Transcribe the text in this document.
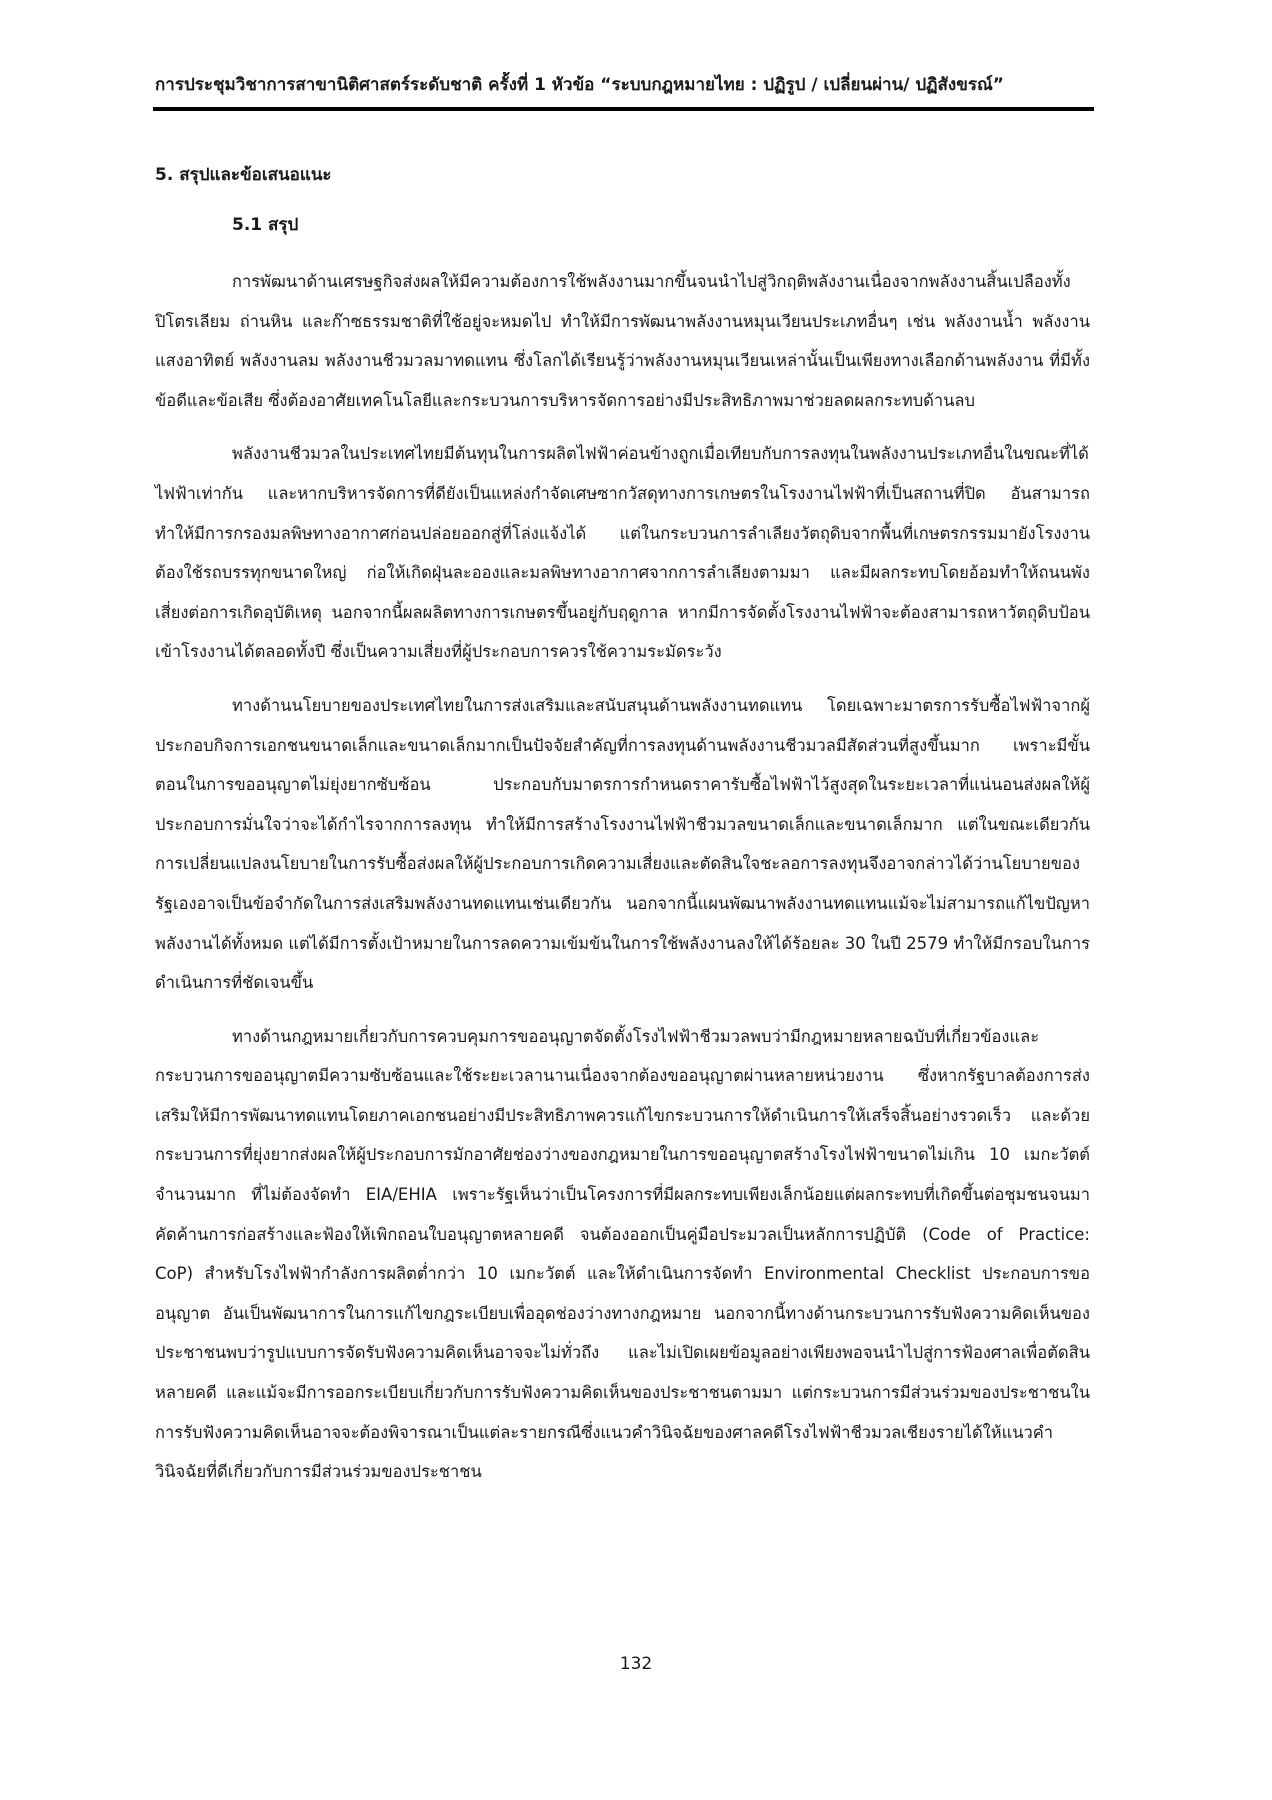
การประชุมวิชาการสาขานิติศาสตร์ระดับชาติ ครั้งที่ 1 หัวข้อ “ระบบกฎหมายไทย : ปฏิรูป / เปลี่ยนผ่าน/ ปฏิสังขรณ์”
5. สรุปและข้อเสนอแนะ
5.1 สรุป

การพัฒนาด้านเศรษฐกิจส่งผลให้มีความต้องการใช้พลังงานมากขึ้นจนนำไปสู่วิกฤติพลังงานเนื่องจากพลังงานสิ้นเปลืองทั้งปิโตรเลียม ถ่านหิน และก๊าซธรรมชาติที่ใช้อยู่จะหมดไป ทำให้มีการพัฒนาพลังงานหมุนเวียนประเภทอื่นๆ เช่น พลังงานน้ำ พลังงานแสงอาทิตย์ พลังงานลม พลังงานชีวมวลมาทดแทน ซึ่งโลกได้เรียนรู้ว่าพลังงานหมุนเวียนเหล่านั้นเป็นเพียงทางเลือกด้านพลังงาน ที่มีทั้งข้อดีและข้อเสีย ซึ่งต้องอาศัยเทคโนโลยีและกระบวนการบริหารจัดการอย่างมีประสิทธิภาพมาช่วยลดผลกระทบด้านลบ

พลังงานชีวมวลในประเทศไทยมีต้นทุนในการผลิตไฟฟ้าค่อนข้างถูกเมื่อเทียบกับการลงทุนในพลังงานประเภทอื่นในขณะที่ได้ไฟฟ้าเท่ากัน และหากบริหารจัดการที่ดียังเป็นแหล่งกำจัดเศษซากวัสดุทางการเกษตรในโรงงานไฟฟ้าที่เป็นสถานที่ปิด อันสามารถทำให้มีการกรองมลพิษทางอากาศก่อนปล่อยออกสู่ที่โล่งแจ้งได้ แต่ในกระบวนการลำเลียงวัตถุดิบจากพื้นที่เกษตรกรรมมายังโรงงานต้องใช้รถบรรทุกขนาดใหญ่ ก่อให้เกิดฝุ่นละอองและมลพิษทางอากาศจากการลำเลียงตามมา และมีผลกระทบโดยอ้อมทำให้ถนนพัง เสี่ยงต่อการเกิดอุบัติเหตุ นอกจากนี้ผลผลิตทางการเกษตรขึ้นอยู่กับฤดูกาล หากมีการจัดตั้งโรงงานไฟฟ้าจะต้องสามารถหาวัตถุดิบป้อนเข้าโรงงานได้ตลอดทั้งปี ซึ่งเป็นความเสี่ยงที่ผู้ประกอบการควรใช้ความระมัดระวัง

ทางด้านนโยบายของประเทศไทยในการส่งเสริมและสนับสนุนด้านพลังงานทดแทน โดยเฉพาะมาตรการรับซื้อไฟฟ้าจากผู้ประกอบกิจการเอกชนขนาดเล็กและขนาดเล็กมากเป็นปัจจัยสำคัญที่การลงทุนด้านพลังงานชีวมวลมีสัดส่วนที่สูงขึ้นมาก เพราะมีขั้นตอนในการขออนุญาตไม่ยุ่งยากซับซ้อน ประกอบกับมาตรการกำหนดราคารับซื้อไฟฟ้าไว้สูงสุดในระยะเวลาที่แน่นอนส่งผลให้ผู้ประกอบการมั่นใจว่าจะได้กำไรจากการลงทุน ทำให้มีการสร้างโรงงานไฟฟ้าชีวมวลขนาดเล็กและขนาดเล็กมาก แต่ในขณะเดียวกันการเปลี่ยนแปลงนโยบายในการรับซื้อส่งผลให้ผู้ประกอบการเกิดความเสี่ยงและตัดสินใจชะลอการลงทุนจึงอาจกล่าวได้ว่านโยบายของรัฐเองอาจเป็นข้อจำกัดในการส่งเสริมพลังงานทดแทนเช่นเดียวกัน นอกจากนี้แผนพัฒนาพลังงานทดแทนแม้จะไม่สามารถแก้ไขปัญหาพลังงานได้ทั้งหมด แต่ได้มีการตั้งเป้าหมายในการลดความเข้มข้นในการใช้พลังงานลงให้ได้ร้อยละ 30 ในปี 2579 ทำให้มีกรอบในการดำเนินการที่ชัดเจนขึ้น

ทางด้านกฎหมายเกี่ยวกับการควบคุมการขออนุญาตจัดตั้งโรงไฟฟ้าชีวมวลพบว่ามีกฎหมายหลายฉบับที่เกี่ยวข้องและกระบวนการขออนุญาตมีความซับซ้อนและใช้ระยะเวลานานเนื่องจากต้องขออนุญาตผ่านหลายหน่วยงาน ซึ่งหากรัฐบาลต้องการส่งเสริมให้มีการพัฒนาทดแทนโดยภาคเอกชนอย่างมีประสิทธิภาพควรแก้ไขกระบวนการให้ดำเนินการให้เสร็จสิ้นอย่างรวดเร็ว และด้วยกระบวนการที่ยุ่งยากส่งผลให้ผู้ประกอบการมักอาศัยช่องว่างของกฎหมายในการขออนุญาตสร้างโรงไฟฟ้าขนาดไม่เกิน 10 เมกะวัตต์จำนวนมาก ที่ไม่ต้องจัดทำ EIA/EHIA เพราะรัฐเห็นว่าเป็นโครงการที่มีผลกระทบเพียงเล็กน้อยแต่ผลกระทบที่เกิดขึ้นต่อชุมชนจนมาคัดค้านการก่อสร้างและฟ้องให้เพิกถอนใบอนุญาตหลายคดี จนต้องออกเป็นคู่มือประมวลเป็นหลักการปฏิบัติ (Code of Practice: CoP) สำหรับโรงไฟฟ้ากำลังการผลิตต่ำกว่า 10 เมกะวัตต์ และให้ดำเนินการจัดทำ Environmental Checklist ประกอบการขออนุญาต อันเป็นพัฒนาการในการแก้ไขกฎระเบียบเพื่ออุดช่องว่างทางกฎหมาย นอกจากนี้ทางด้านกระบวนการรับฟังความคิดเห็นของประชาชนพบว่ารูปแบบการจัดรับฟังความคิดเห็นอาจจะไม่ทั่วถึง และไม่เปิดเผยข้อมูลอย่างเพียงพอจนนำไปสู่การฟ้องศาลเพื่อตัดสินหลายคดี และแม้จะมีการออกระเบียบเกี่ยวกับการรับฟังความคิดเห็นของประชาชนตามมา แต่กระบวนการมีส่วนร่วมของประชาชนในการรับฟังความคิดเห็นอาจจะต้องพิจารณาเป็นแต่ละรายกรณีซึ่งแนวคำวินิจฉัยของศาลคดีโรงไฟฟ้าชีวมวลเชียงรายได้ให้แนวคำวินิจฉัยที่ดีเกี่ยวกับการมีส่วนร่วมของประชาชน

132
